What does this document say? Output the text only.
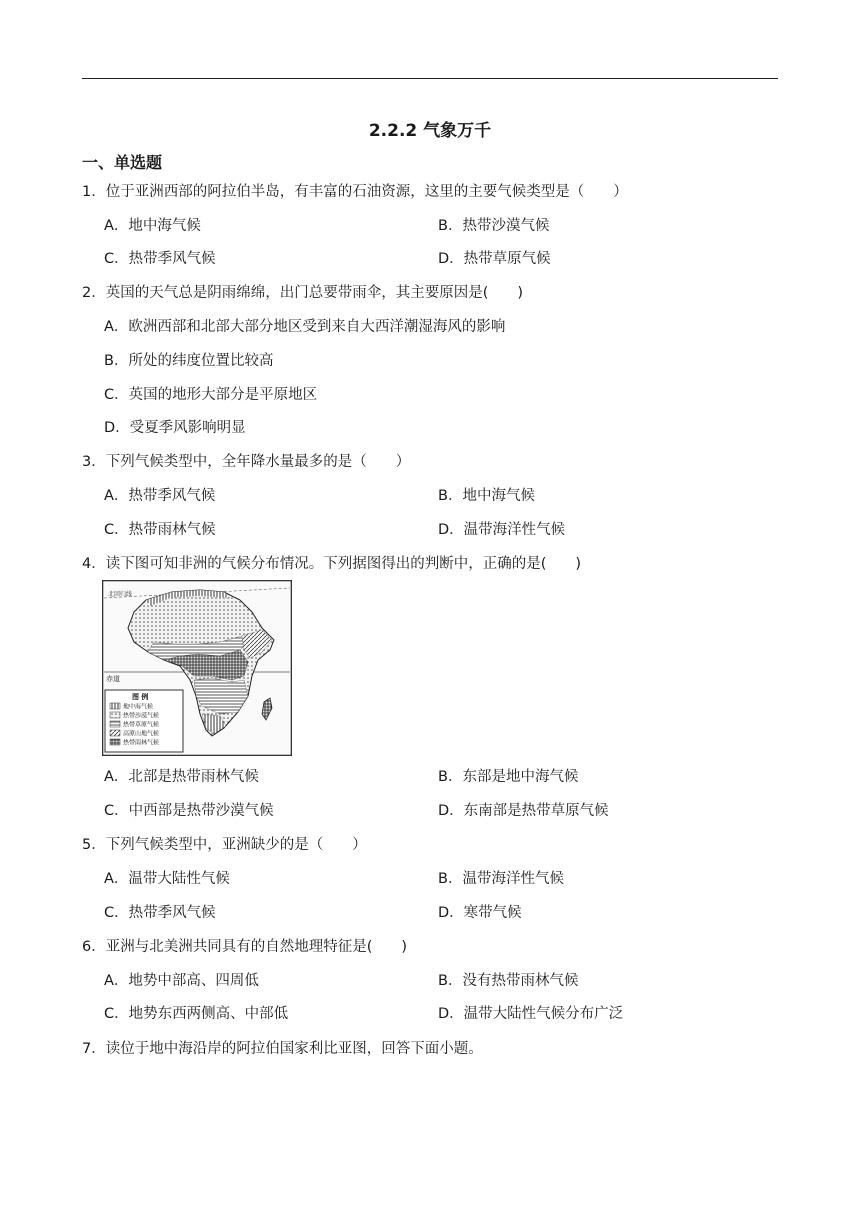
2.2.2 气象万千
一、单选题
1．位于亚洲西部的阿拉伯半岛，有丰富的石油资源，这里的主要气候类型是（　　）
A．地中海气候	B．热带沙漠气候
C．热带季风气候	D．热带草原气候
2．英国的天气总是阴雨绵绵，出门总要带雨伞，其主要原因是(　　)
A．欧洲西部和北部大部分地区受到来自大西洋潮湿海风的影响
B．所处的纬度位置比较高
C．英国的地形大部分是平原地区
D．受夏季风影响明显
3．下列气候类型中，全年降水量最多的是（　　）
A．热带季风气候	B．地中海气候
C．热带雨林气候	D．温带海洋性气候
4．读下图可知非洲的气候分布情况。下列据图得出的判断中，正确的是(　　)
北回归线
赤道
图 例
地中海气候
热带沙漠气候
热带草原气候
高原山地气候
热带雨林气候
A．北部是热带雨林气候	B．东部是地中海气候
C．中西部是热带沙漠气候	D．东南部是热带草原气候
5．下列气候类型中，亚洲缺少的是（　　）
A．温带大陆性气候	B．温带海洋性气候
C．热带季风气候	D．寒带气候
6．亚洲与北美洲共同具有的自然地理特征是(　　)
A．地势中部高、四周低	B．没有热带雨林气候
C．地势东西两侧高、中部低	D．温带大陆性气候分布广泛
7．读位于地中海沿岸的阿拉伯国家利比亚图，回答下面小题。
